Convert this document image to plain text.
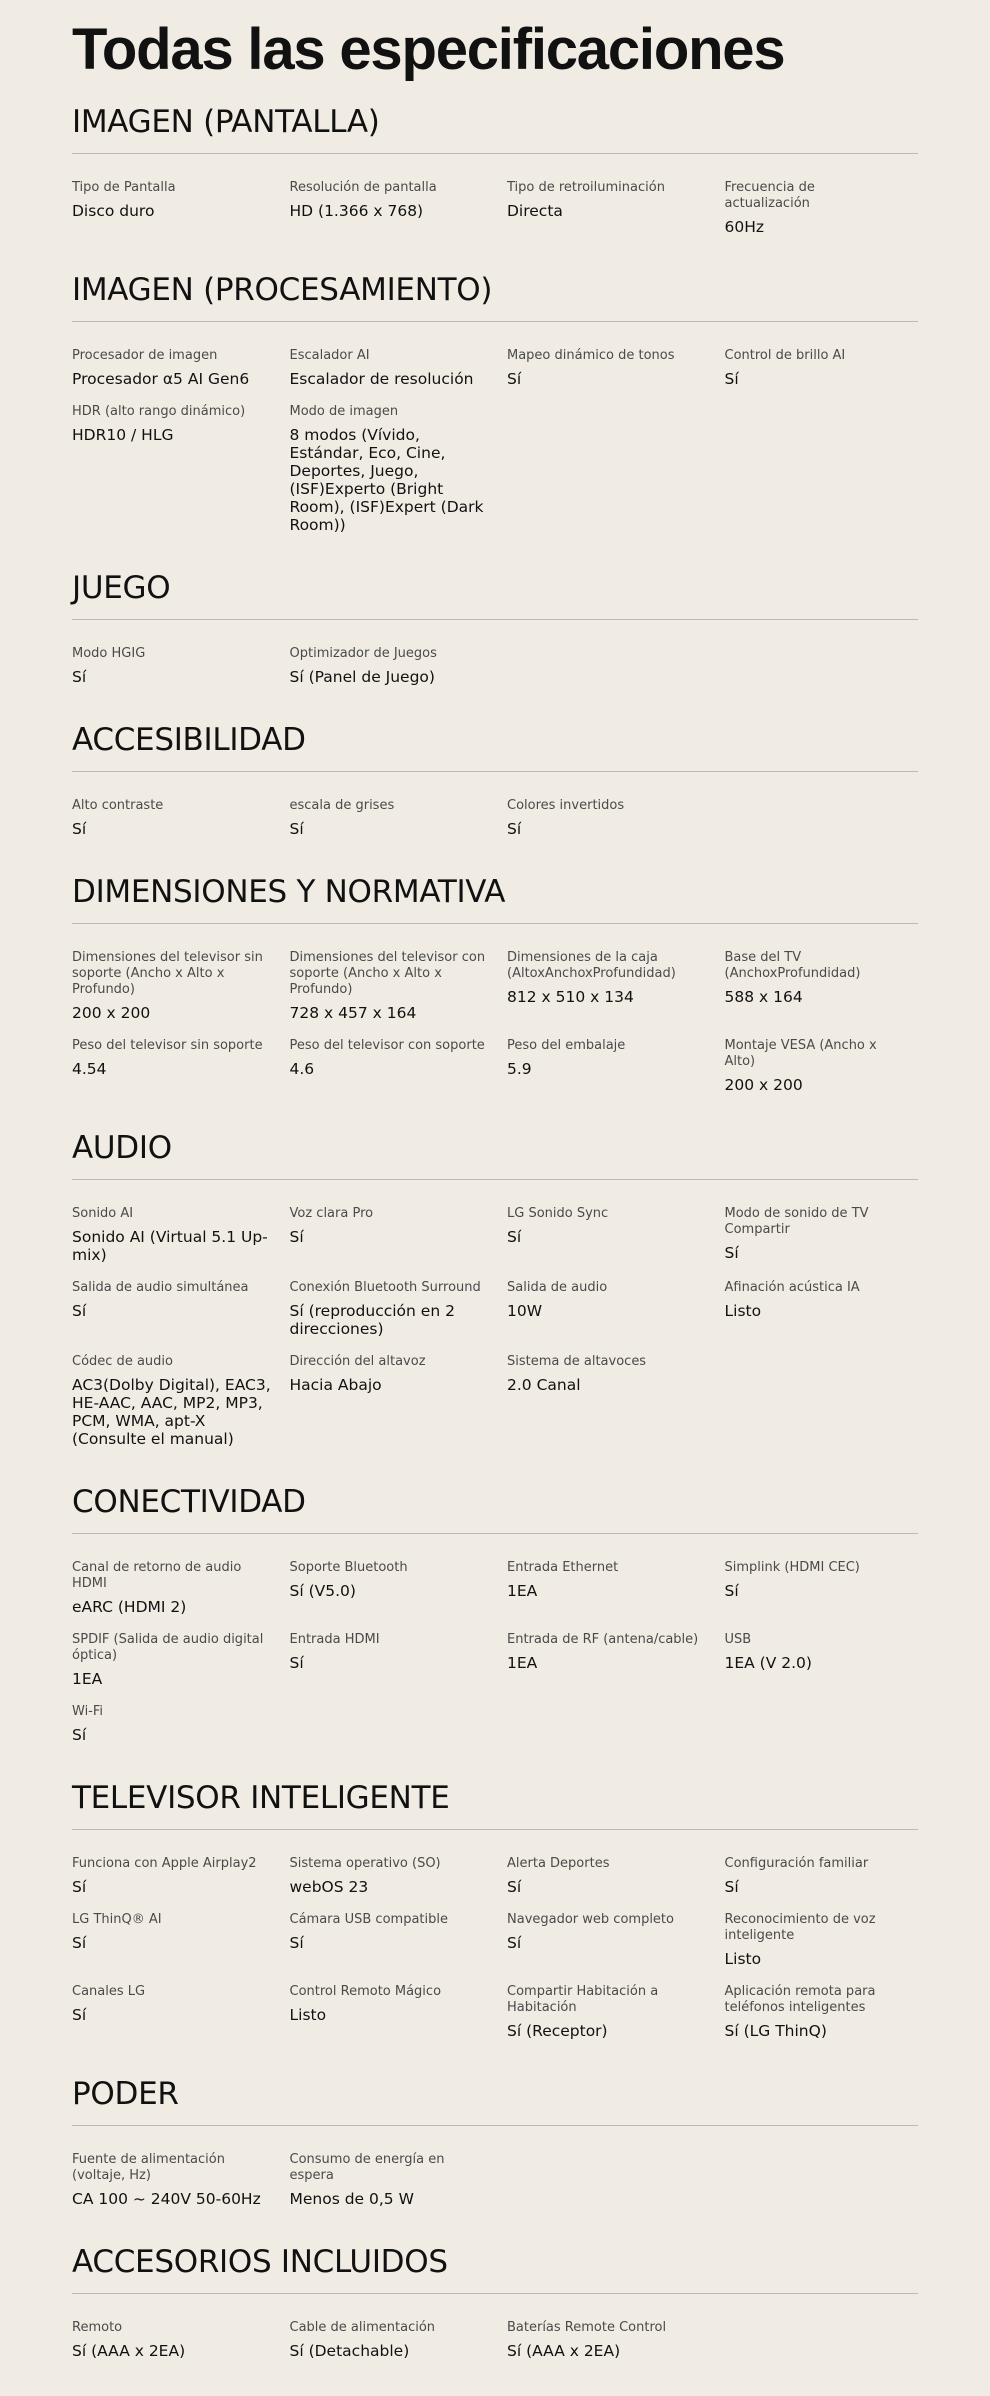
Todas las especificaciones
IMAGEN (PANTALLA)
Tipo de Pantalla
Disco duro
Resolución de pantalla
HD (1.366 x 768)
Tipo de retroiluminación
Directa
Frecuencia de actualización
60Hz
IMAGEN (PROCESAMIENTO)
Procesador de imagen
Procesador α5 AI Gen6
Escalador AI
Escalador de resolución
Mapeo dinámico de tonos
Sí
Control de brillo AI
Sí
HDR (alto rango dinámico)
HDR10 / HLG
Modo de imagen
8 modos (Vívido, Estándar, Eco, Cine, Deportes, Juego, (ISF)Experto (Bright Room), (ISF)Expert (Dark Room))
JUEGO
Modo HGIG
Sí
Optimizador de Juegos
Sí (Panel de Juego)
ACCESIBILIDAD
Alto contraste
Sí
escala de grises
Sí
Colores invertidos
Sí
DIMENSIONES Y NORMATIVA
Dimensiones del televisor sin soporte (Ancho x Alto x Profundo)
200 x 200
Dimensiones del televisor con soporte (Ancho x Alto x Profundo)
728 x 457 x 164
Dimensiones de la caja (AltoxAnchoxProfundidad)
812 x 510 x 134
Base del TV (AnchoxProfundidad)
588 x 164
Peso del televisor sin soporte
4.54
Peso del televisor con soporte
4.6
Peso del embalaje
5.9
Montaje VESA (Ancho x Alto)
200 x 200
AUDIO
Sonido AI
Sonido AI (Virtual 5.1 Up-mix)
Voz clara Pro
Sí
LG Sonido Sync
Sí
Modo de sonido de TV Compartir
Sí
Salida de audio simultánea
Sí
Conexión Bluetooth Surround
Sí (reproducción en 2 direcciones)
Salida de audio
10W
Afinación acústica IA
Listo
Códec de audio
AC3(Dolby Digital), EAC3, HE-AAC, AAC, MP2, MP3, PCM, WMA, apt-X (Consulte el manual)
Dirección del altavoz
Hacia Abajo
Sistema de altavoces
2.0 Canal
CONECTIVIDAD
Canal de retorno de audio HDMI
eARC (HDMI 2)
Soporte Bluetooth
Sí (V5.0)
Entrada Ethernet
1EA
Simplink (HDMI CEC)
Sí
SPDIF (Salida de audio digital óptica)
1EA
Entrada HDMI
Sí
Entrada de RF (antena/cable)
1EA
USB
1EA (V 2.0)
Wi-Fi
Sí
TELEVISOR INTELIGENTE
Funciona con Apple Airplay2
Sí
Sistema operativo (SO)
webOS 23
Alerta Deportes
Sí
Configuración familiar
Sí
LG ThinQ® AI
Sí
Cámara USB compatible
Sí
Navegador web completo
Sí
Reconocimiento de voz inteligente
Listo
Canales LG
Sí
Control Remoto Mágico
Listo
Compartir Habitación a Habitación
Sí (Receptor)
Aplicación remota para teléfonos inteligentes
Sí (LG ThinQ)
PODER
Fuente de alimentación (voltaje, Hz)
CA 100 ~ 240V 50-60Hz
Consumo de energía en espera
Menos de 0,5 W
ACCESORIOS INCLUIDOS
Remoto
Sí (AAA x 2EA)
Cable de alimentación
Sí (Detachable)
Baterías Remote Control
Sí (AAA x 2EA)
